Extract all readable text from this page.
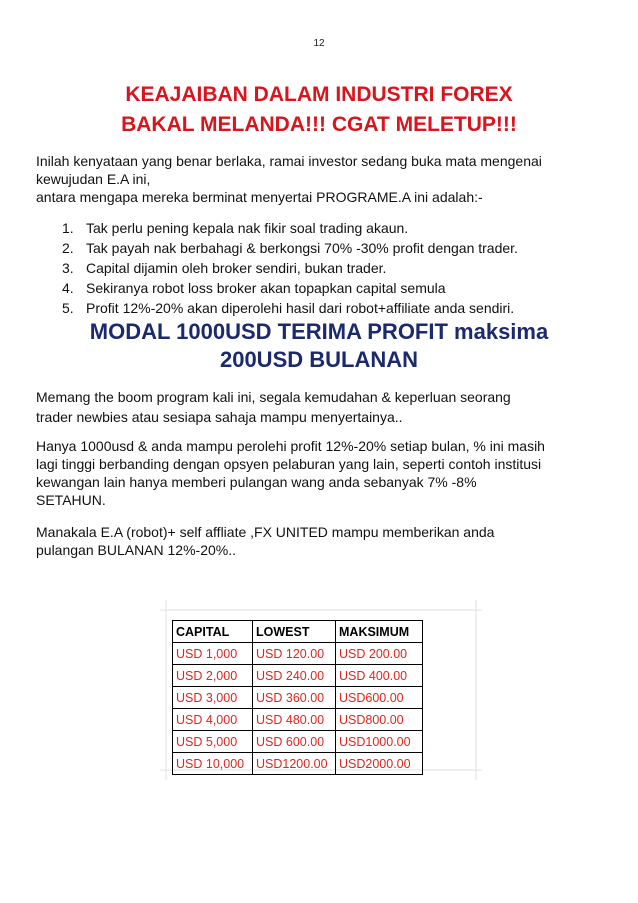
12
KEAJAIBAN DALAM INDUSTRI FOREX
BAKAL MELANDA!!! CGAT MELETUP!!!
Inilah kenyataan yang benar berlaka, ramai investor sedang buka mata mengenai
kewujudan E.A ini,
antara mengapa mereka berminat menyertai PROGRAME.A ini adalah:-
1. Tak perlu pening kepala nak fikir soal trading akaun.
2. Tak payah nak berbahagi & berkongsi 70% -30% profit dengan trader.
3. Capital dijamin oleh broker sendiri, bukan trader.
4. Sekiranya robot loss broker akan topapkan capital semula
5. Profit 12%-20% akan diperolehi hasil dari robot+affiliate anda sendiri.
MODAL 1000USD TERIMA PROFIT maksima
200USD BULANAN
Memang the boom program kali ini, segala kemudahan & keperluan seorang
trader newbies atau sesiapa sahaja mampu menyertainya..
Hanya 1000usd & anda mampu perolehi profit 12%-20% setiap bulan, % ini masih
lagi tinggi berbanding dengan opsyen pelaburan yang lain, seperti contoh institusi
kewangan lain hanya memberi pulangan wang anda sebanyak 7% -8%
SETAHUN.
Manakala E.A (robot)+ self affliate ,FX UNITED mampu memberikan anda
pulangan BULANAN 12%-20%..
CAPITAL	LOWEST	MAKSIMUM
USD 1,000	USD 120.00	USD 200.00
USD 2,000	USD 240.00	USD 400.00
USD 3,000	USD 360.00	USD600.00
USD 4,000	USD 480.00	USD800.00
USD 5,000	USD 600.00	USD1000.00
USD 10,000	USD1200.00	USD2000.00
